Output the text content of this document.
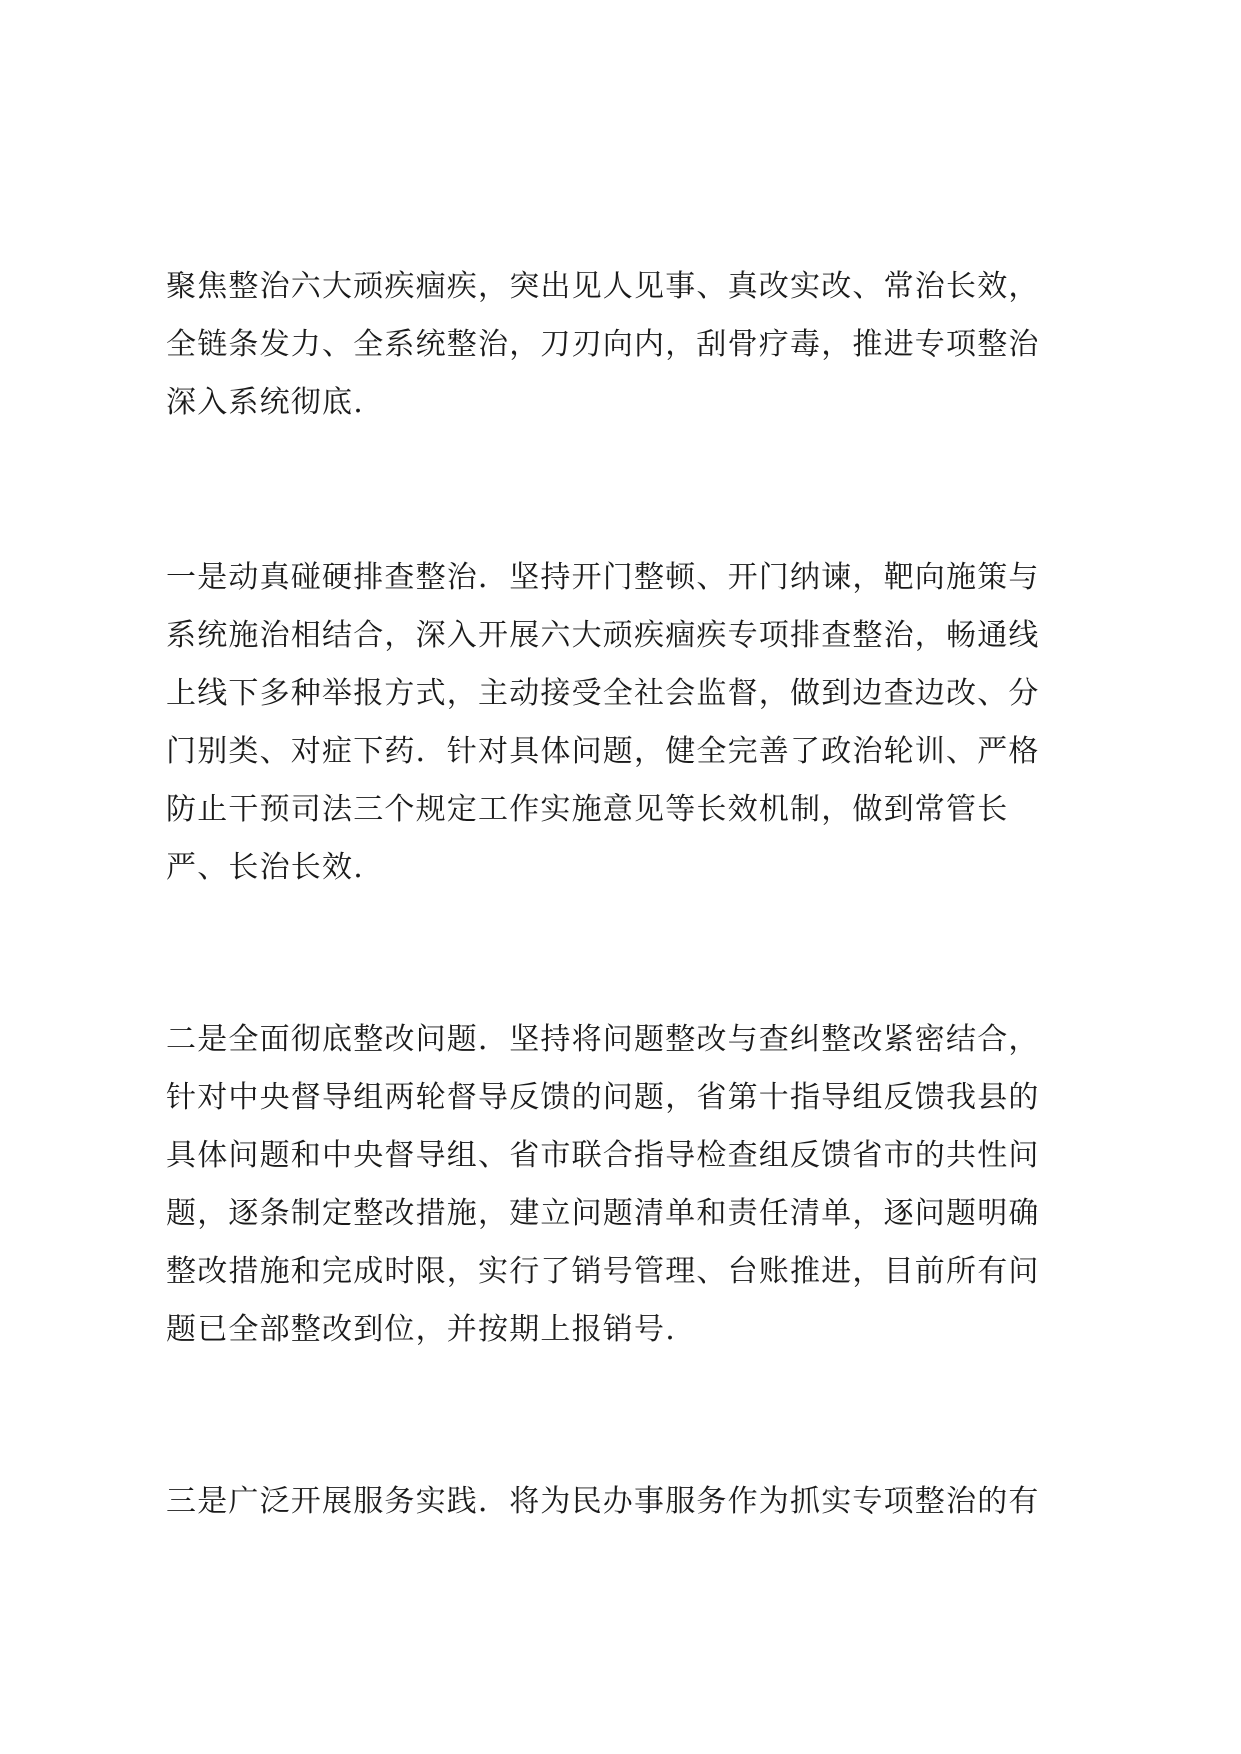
聚焦整治六大顽疾痼疾，突出见人见事、真改实改、常治长效，
全链条发力、全系统整治，刀刃向内，刮骨疗毒，推进专项整治
深入系统彻底.
一是动真碰硬排查整治．坚持开门整顿、开门纳谏，靶向施策与
系统施治相结合，深入开展六大顽疾痼疾专项排查整治，畅通线
上线下多种举报方式，主动接受全社会监督，做到边查边改、分
门别类、对症下药．针对具体问题，健全完善了政治轮训、严格
防止干预司法三个规定工作实施意见等长效机制，做到常管长
严、长治长效.
二是全面彻底整改问题．坚持将问题整改与查纠整改紧密结合，
针对中央督导组两轮督导反馈的问题，省第十指导组反馈我县的
具体问题和中央督导组、省市联合指导检查组反馈省市的共性问
题，逐条制定整改措施，建立问题清单和责任清单，逐问题明确
整改措施和完成时限，实行了销号管理、台账推进，目前所有问
题已全部整改到位，并按期上报销号.
三是广泛开展服务实践．将为民办事服务作为抓实专项整治的有
